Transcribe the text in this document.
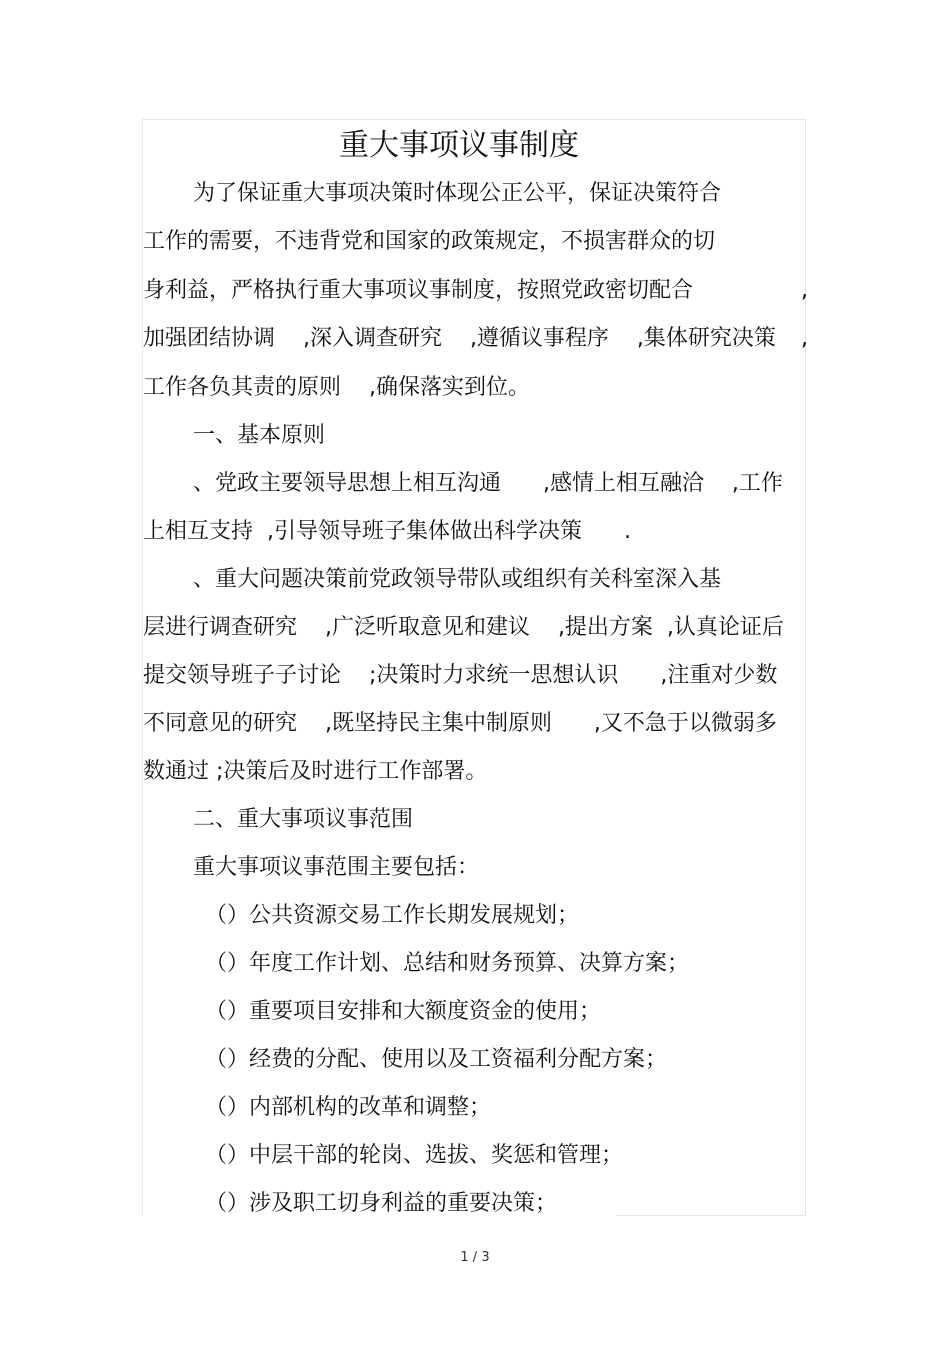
重大事项议事制度

为了保证重大事项决策时体现公正公平，保证决策符合

工作的需要，不违背党和国家的政策规定，不损害群众的切

身利益，严格执行重大事项议事制度，按照党政密切配合	,

加强团结协调    ,深入调查研究    ,遵循议事程序    ,集体研究决策 ,

工作各负其责的原则    ,确保落实到位。

一、基本原则

、党政主要领导思想上相互沟通      ,感情上相互融洽    ,工作

上相互支持  ,引导领导班子集体做出科学决策      .

、重大问题决策前党政领导带队或组织有关科室深入基

层进行调查研究    ,广泛听取意见和建议    ,提出方案  ,认真论证后

提交领导班子子讨论    ;决策时力求统一思想认识      ,注重对少数

不同意见的研究    ,既坚持民主集中制原则      ,又不急于以微弱多

数通过 ;决策后及时进行工作部署。

二、重大事项议事范围

重大事项议事范围主要包括：

（）公共资源交易工作长期发展规划；

（）年度工作计划、总结和财务预算、决算方案；

（）重要项目安排和大额度资金的使用；

（）经费的分配、使用以及工资福利分配方案；

（）内部机构的改革和调整；

（）中层干部的轮岗、选拔、奖惩和管理；

（）涉及职工切身利益的重要决策；

1 / 3
